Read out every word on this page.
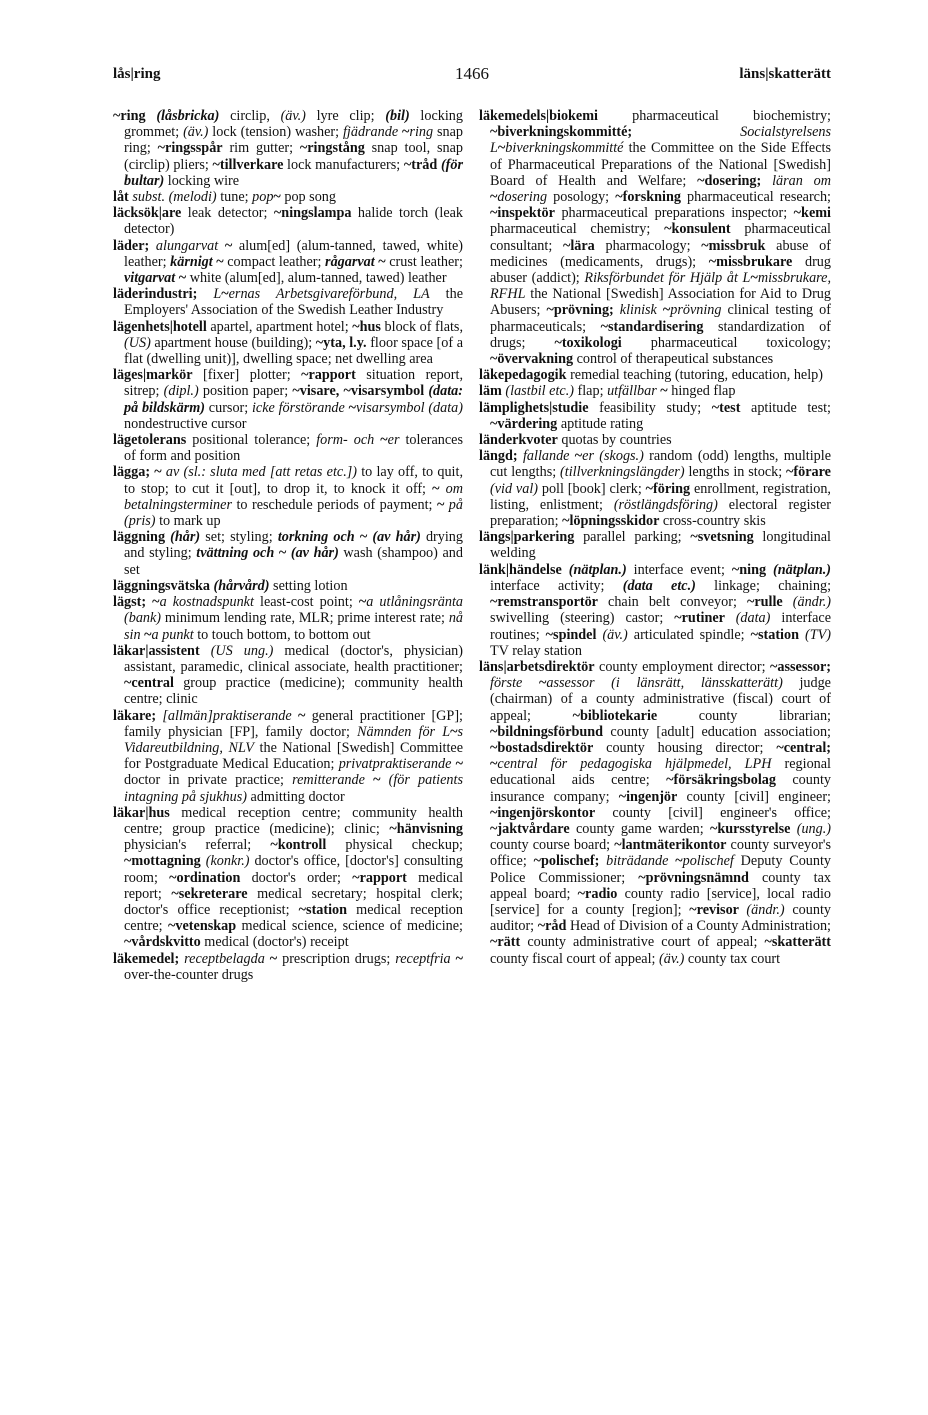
lås|ring	1466	läns|skatterätt

~ring (låsbricka) circlip, (äv.) lyre clip; (bil) locking grommet; (äv.) lock (tension) washer; fjädrande ~ring snap ring; ~ringsspår rim gutter; ~ringstång snap tool, snap (circlip) pliers; ~tillverkare lock manufacturers; ~tråd (för bultar) locking wire

låt subst. (melodi) tune; pop~ pop song

läcksök|are leak detector; ~ningslampa halide torch (leak detector)

läder; alungarvat ~ alum[ed] (alum-tanned, tawed, white) leather; kärnigt ~ compact leather; rågarvat ~ crust leather; vitgarvat ~ white (alum[ed], alum-tanned, tawed) leather

läderindustri; L~ernas Arbetsgivareförbund, LA the Employers' Association of the Swedish Leather Industry

lägenhets|hotell apartel, apartment hotel; ~hus block of flats, (US) apartment house (building); ~yta, l.y. floor space [of a flat (dwelling unit)], dwelling space; net dwelling area

läges|markör [fixer] plotter; ~rapport situation report, sitrep; (dipl.) position paper; ~visare, ~visarsymbol (data: på bildskärm) cursor; icke förstörande ~visarsymbol (data) nondestructive cursor

lägetolerans positional tolerance; form- och ~er tolerances of form and position

lägga; ~ av (sl.: sluta med [att retas etc.]) to lay off, to quit, to stop; to cut it [out], to drop it, to knock it off; ~ om betalningsterminer to reschedule periods of payment; ~ på (pris) to mark up

läggning (hår) set; styling; torkning och ~ (av hår) drying and styling; tvättning och ~ (av hår) wash (shampoo) and set

läggningsvätska (hårvård) setting lotion

lägst; ~a kostnadspunkt least-cost point; ~a utlåningsränta (bank) minimum lending rate, MLR; prime interest rate; nå sin ~a punkt to touch bottom, to bottom out

läkar|assistent (US ung.) medical (doctor's, physician) assistant, paramedic, clinical associate, health practitioner; ~central group practice (medicine); community health centre; clinic

läkare; [allmän]praktiserande ~ general practitioner [GP]; family physician [FP], family doctor; Nämnden för L~s Vidareutbildning, NLV the National [Swedish] Committee for Postgraduate Medical Education; privatpraktiserande ~ doctor in private practice; remitterande ~ (för patients intagning på sjukhus) admitting doctor

läkar|hus medical reception centre; community health centre; group practice (medicine); clinic; ~hänvisning physician's referral; ~kontroll physical checkup; ~mottagning (konkr.) doctor's office, [doctor's] consulting room; ~ordination doctor's order; ~rapport medical report; ~sekreterare medical secretary; hospital clerk; doctor's office receptionist; ~station medical reception centre; ~vetenskap medical science, science of medicine; ~vårdskvitto medical (doctor's) receipt

läkemedel; receptbelagda ~ prescription drugs; receptfria ~ over-the-counter drugs

läkemedels|biokemi pharmaceutical biochemistry; ~biverkningskommitté; Socialstyrelsens L~biverkningskommitté the Committee on the Side Effects of Pharmaceutical Preparations of the National [Swedish] Board of Health and Welfare; ~dosering; läran om ~dosering posology; ~forskning pharmaceutical research; ~inspektör pharmaceutical preparations inspector; ~kemi pharmaceutical chemistry; ~konsulent pharmaceutical consultant; ~lära pharmacology; ~missbruk abuse of medicines (medicaments, drugs); ~missbrukare drug abuser (addict); Riksförbundet för Hjälp åt L~missbrukare, RFHL the National [Swedish] Association for Aid to Drug Abusers; ~prövning; klinisk ~prövning clinical testing of pharmaceuticals; ~standardisering standardization of drugs; ~toxikologi pharmaceutical toxicology; ~övervakning control of therapeutical substances

läkepedagogik remedial teaching (tutoring, education, help)

läm (lastbil etc.) flap; utfällbar ~ hinged flap

lämplighets|studie feasibility study; ~test aptitude test; ~värdering aptitude rating

länderkvoter quotas by countries

längd; fallande ~er (skogs.) random (odd) lengths, multiple cut lengths; (tillverkningslängder) lengths in stock; ~förare (vid val) poll [book] clerk; ~föring enrollment, registration, listing, enlistment; (röstlängdsföring) electoral register preparation; ~löpningsskidor cross-country skis

längs|parkering parallel parking; ~svetsning longitudinal welding

länk|händelse (nätplan.) interface event; ~ning (nätplan.) interface activity; (data etc.) linkage; chaining; ~remstransportör chain belt conveyor; ~rulle (ändr.) swivelling (steering) castor; ~rutiner (data) interface routines; ~spindel (äv.) articulated spindle; ~station (TV) TV relay station

läns|arbetsdirektör county employment director; ~assessor; förste ~assessor (i länsrätt, länsskatterätt) judge (chairman) of a county administrative (fiscal) court of appeal; ~bibliotekarie county librarian; ~bildningsförbund county [adult] education association; ~bostadsdirektör county housing director; ~central; ~central för pedagogiska hjälpmedel, LPH regional educational aids centre; ~försäkringsbolag county insurance company; ~ingenjör county [civil] engineer; ~ingenjörskontor county [civil] engineer's office; ~jaktvårdare county game warden; ~kursstyrelse (ung.) county course board; ~lantmäterikontor county surveyor's office; ~polischef; biträdande ~polischef Deputy County Police Commissioner; ~prövningsnämnd county tax appeal board; ~radio county radio [service], local radio [service] for a county [region]; ~revisor (ändr.) county auditor; ~råd Head of Division of a County Administration; ~rätt county administrative court of appeal; ~skatterätt county fiscal court of appeal; (äv.) county tax court
